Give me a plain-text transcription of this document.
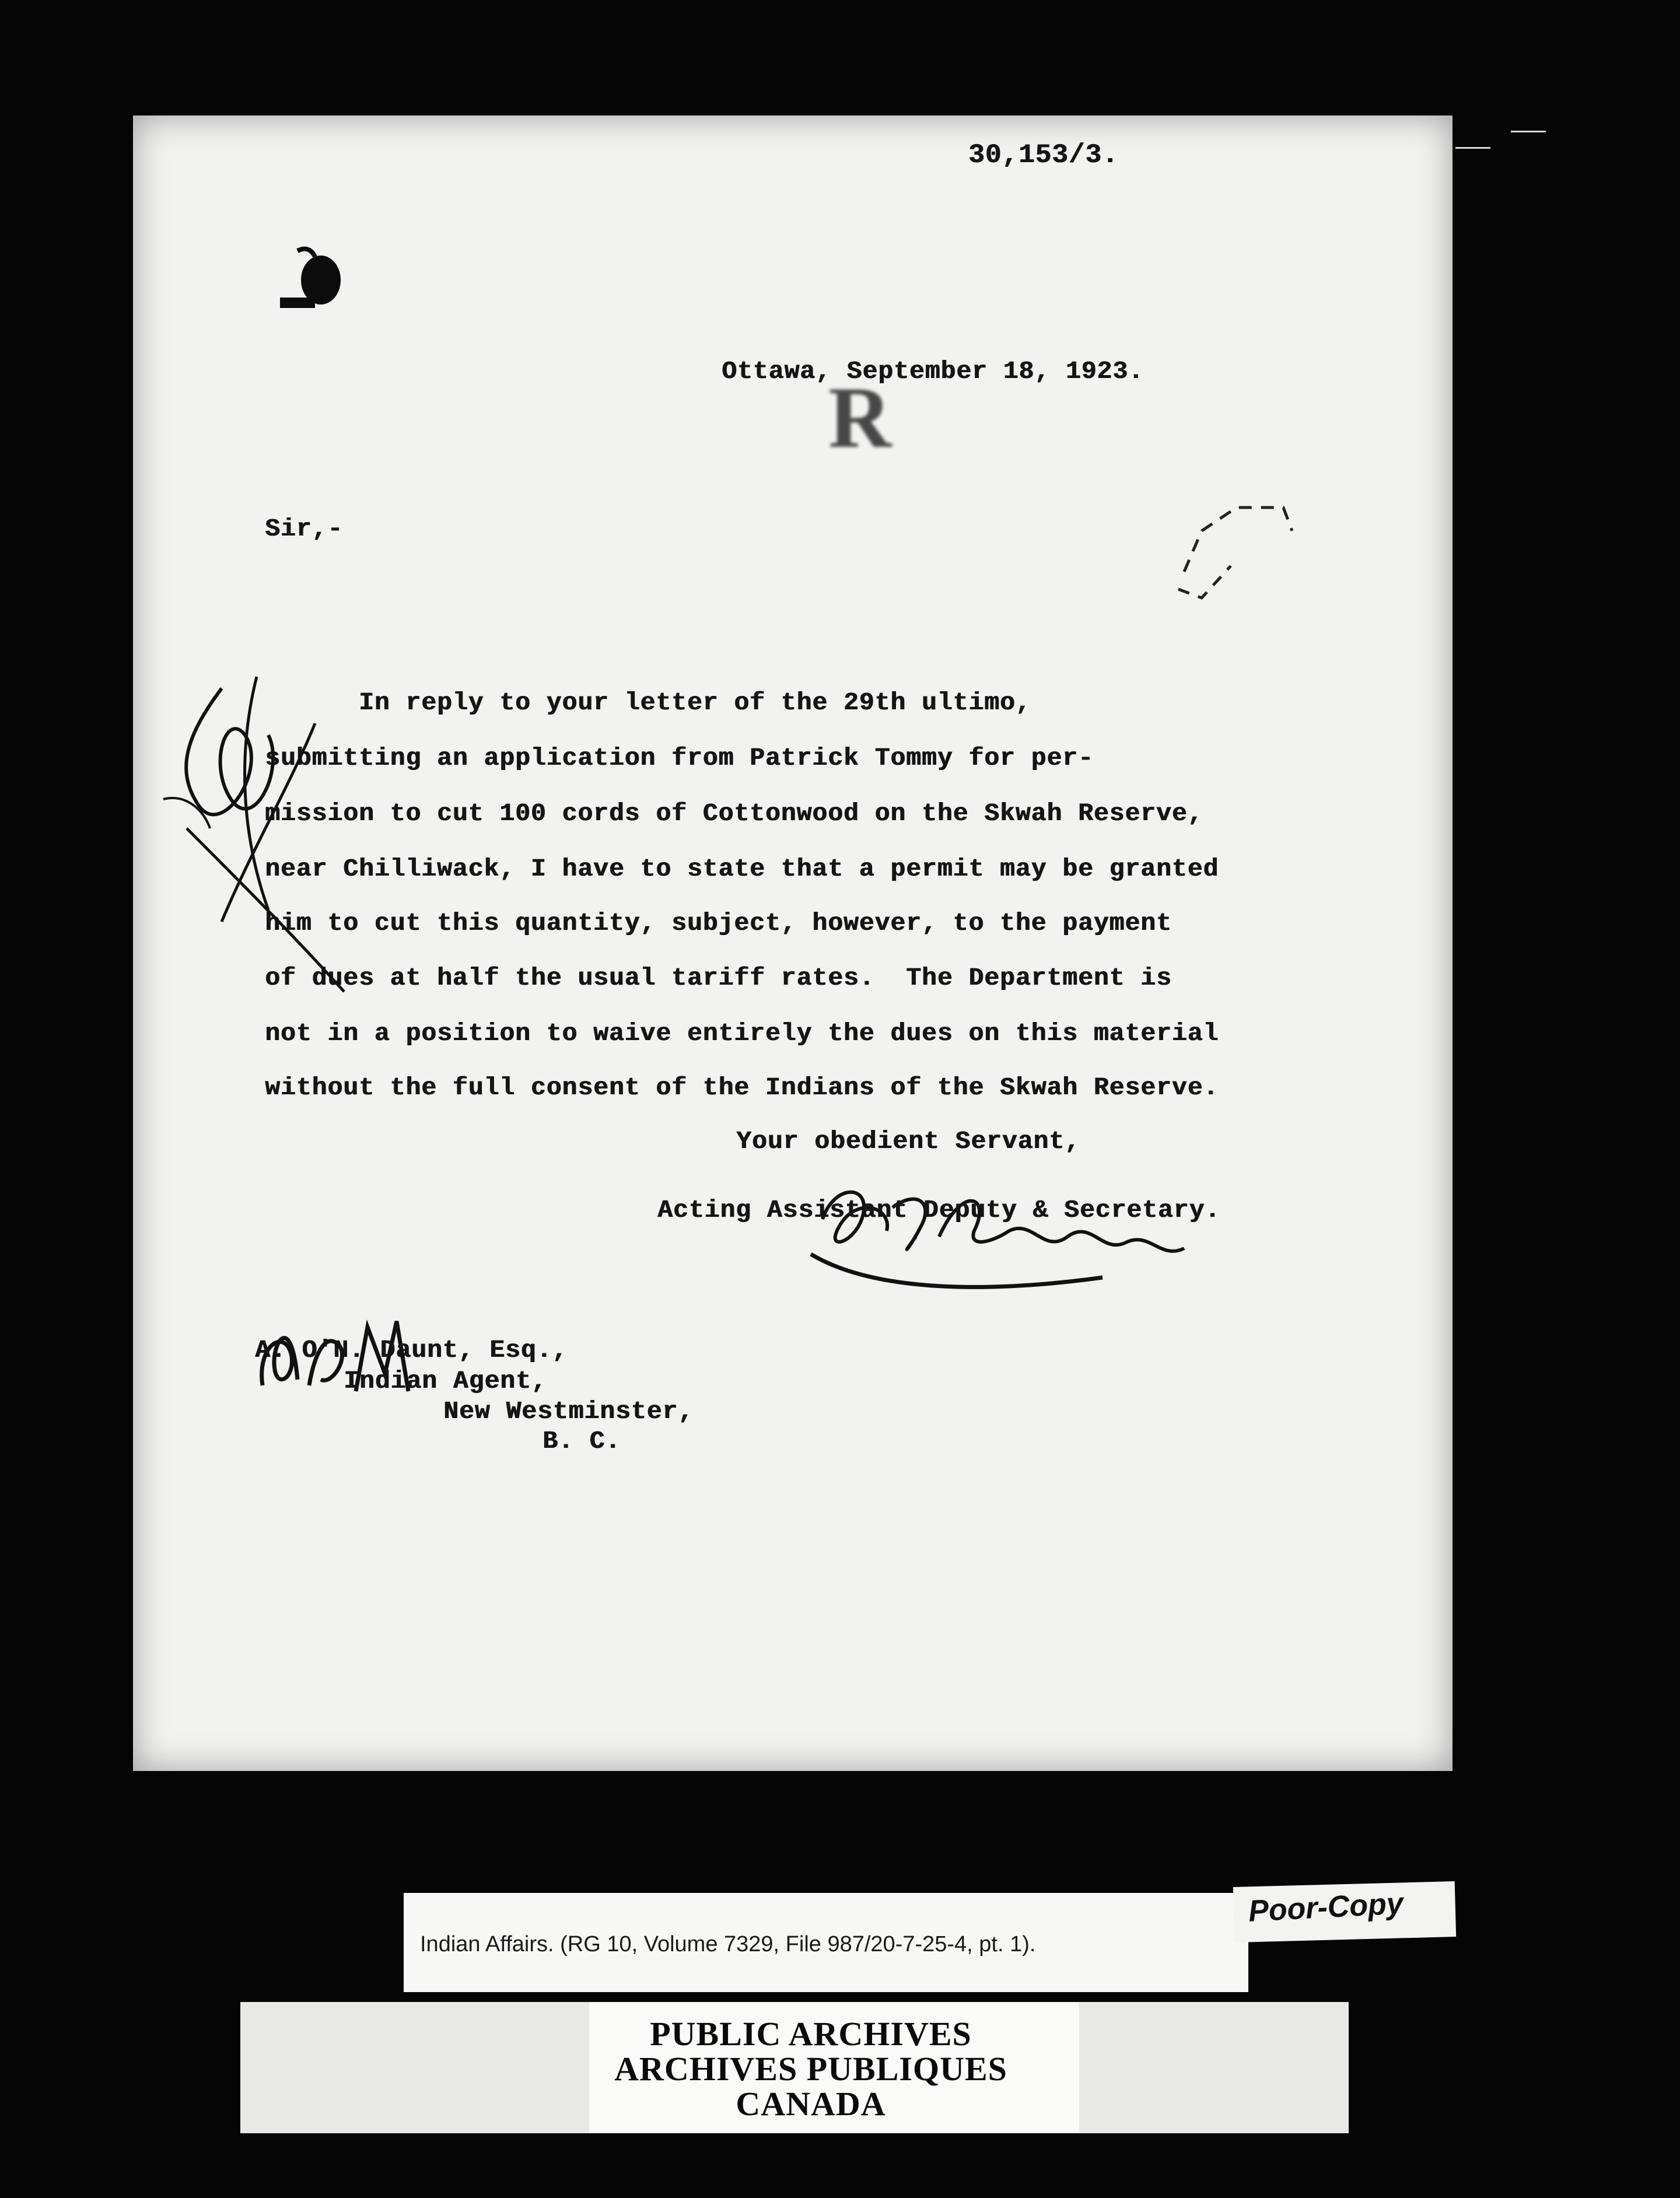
30,153/3.
Ottawa, September 18, 1923.
R
Sir,-
In reply to your letter of the 29th ultimo,
submitting an application from Patrick Tommy for per-
mission to cut 100 cords of Cottonwood on the Skwah Reserve,
near Chilliwack, I have to state that a permit may be granted
him to cut this quantity, subject, however, to the payment
of dues at half the usual tariff rates.  The Department is
not in a position to waive entirely the dues on this material
without the full consent of the Indians of the Skwah Reserve.
Your obedient Servant,
Acting Assistant Deputy & Secretary.
A. O'N. Daunt, Esq.,
Indian Agent,
New Westminster,
B. C.
Indian Affairs. (RG 10, Volume 7329, File 987/20-7-25-4, pt. 1).
Poor-Copy
PUBLIC ARCHIVES
ARCHIVES PUBLIQUES
CANADA
